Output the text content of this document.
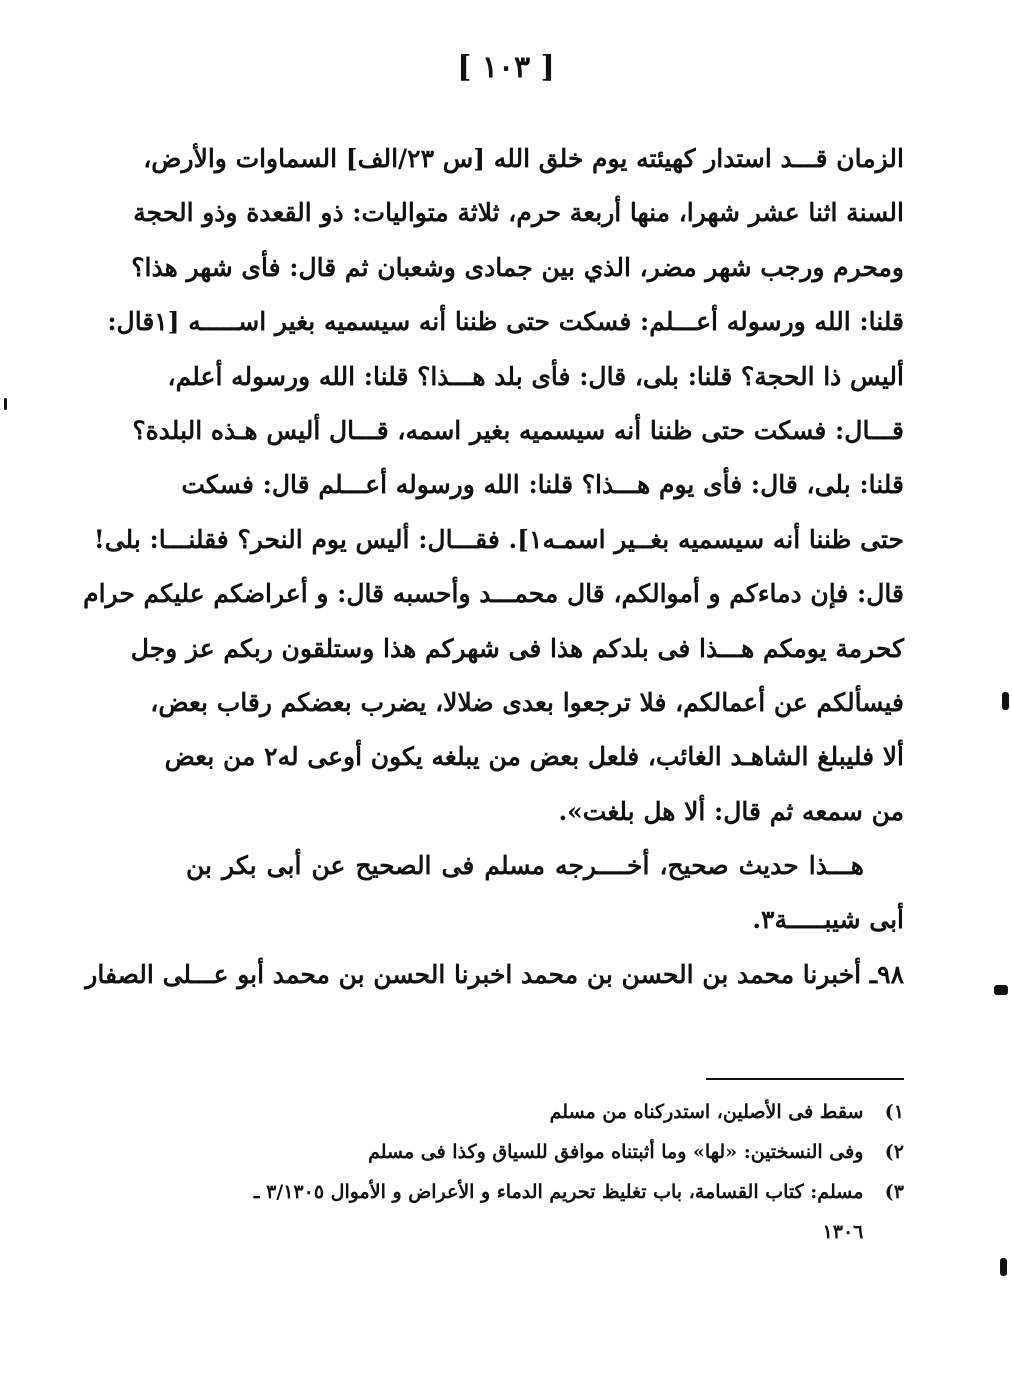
[ ١٠٣ ]
الزمان قـــد استدار كهيئته يوم خلق الله [س ٢٣/الف] السماوات والأرض،
السنة اثنا عشر شهرا، منها أربعة حرم، ثلاثة متواليات: ذو القعدة وذو الحجة
ومحرم ورجب شهر مضر، الذي بين جمادى وشعبان ثم قال: فأى شهر هذا؟
قلنا: الله ورسوله أعـــلم: فسكت حتى ظننا أنه سيسميه بغير اســـــه [١قال:
أليس ذا الحجة؟ قلنا: بلى، قال: فأى بلد هـــذا؟ قلنا: الله ورسوله أعلم،
قـــال: فسكت حتى ظننا أنه سيسميه بغير اسمه، قـــال أليس هـذه البلدة؟
قلنا: بلى، قال: فأى يوم هـــذا؟ قلنا: الله ورسوله أعـــلم قال: فسكت
حتى ظننا أنه سيسميه بغــير اسمـه١]. فقـــال: أليس يوم النحر؟ فقلنـــا: بلى!
قال: فإن دماءكم و أموالكم، قال محمـــد وأحسبه قال: و أعراضكم عليكم حرام
كحرمة يومكم هـــذا فى بلدكم هذا فى شهركم هذا وستلقون ربكم عز وجل
فيسألكم عن أعمالكم، فلا ترجعوا بعدى ضلالا، يضرب بعضكم رقاب بعض،
ألا فليبلغ الشاهـد الغائب، فلعل بعض من يبلغه يكون أوعى له٢ من بعض
من سمعه ثم قال: ألا هل بلغت».
هـــذا حديث صحيح، أخــــرجه مسلم فى الصحيح عن أبى بكر بن
أبى شيبـــــة٣.
٩٨ـ أخبرنا محمد بن الحسن بن محمد اخبرنا الحسن بن محمد أبو عـــلى الصفار
١) سقط فى الأصلين، استدركناه من مسلم
٢) وفى النسختين: «لها» وما أثبتناه موافق للسياق وكذا فى مسلم
٣) مسلم: كتاب القسامة، باب تغليظ تحريم الدماء و الأعراض و الأموال ٣/١٣٠٥ ـ
١٣٠٦
